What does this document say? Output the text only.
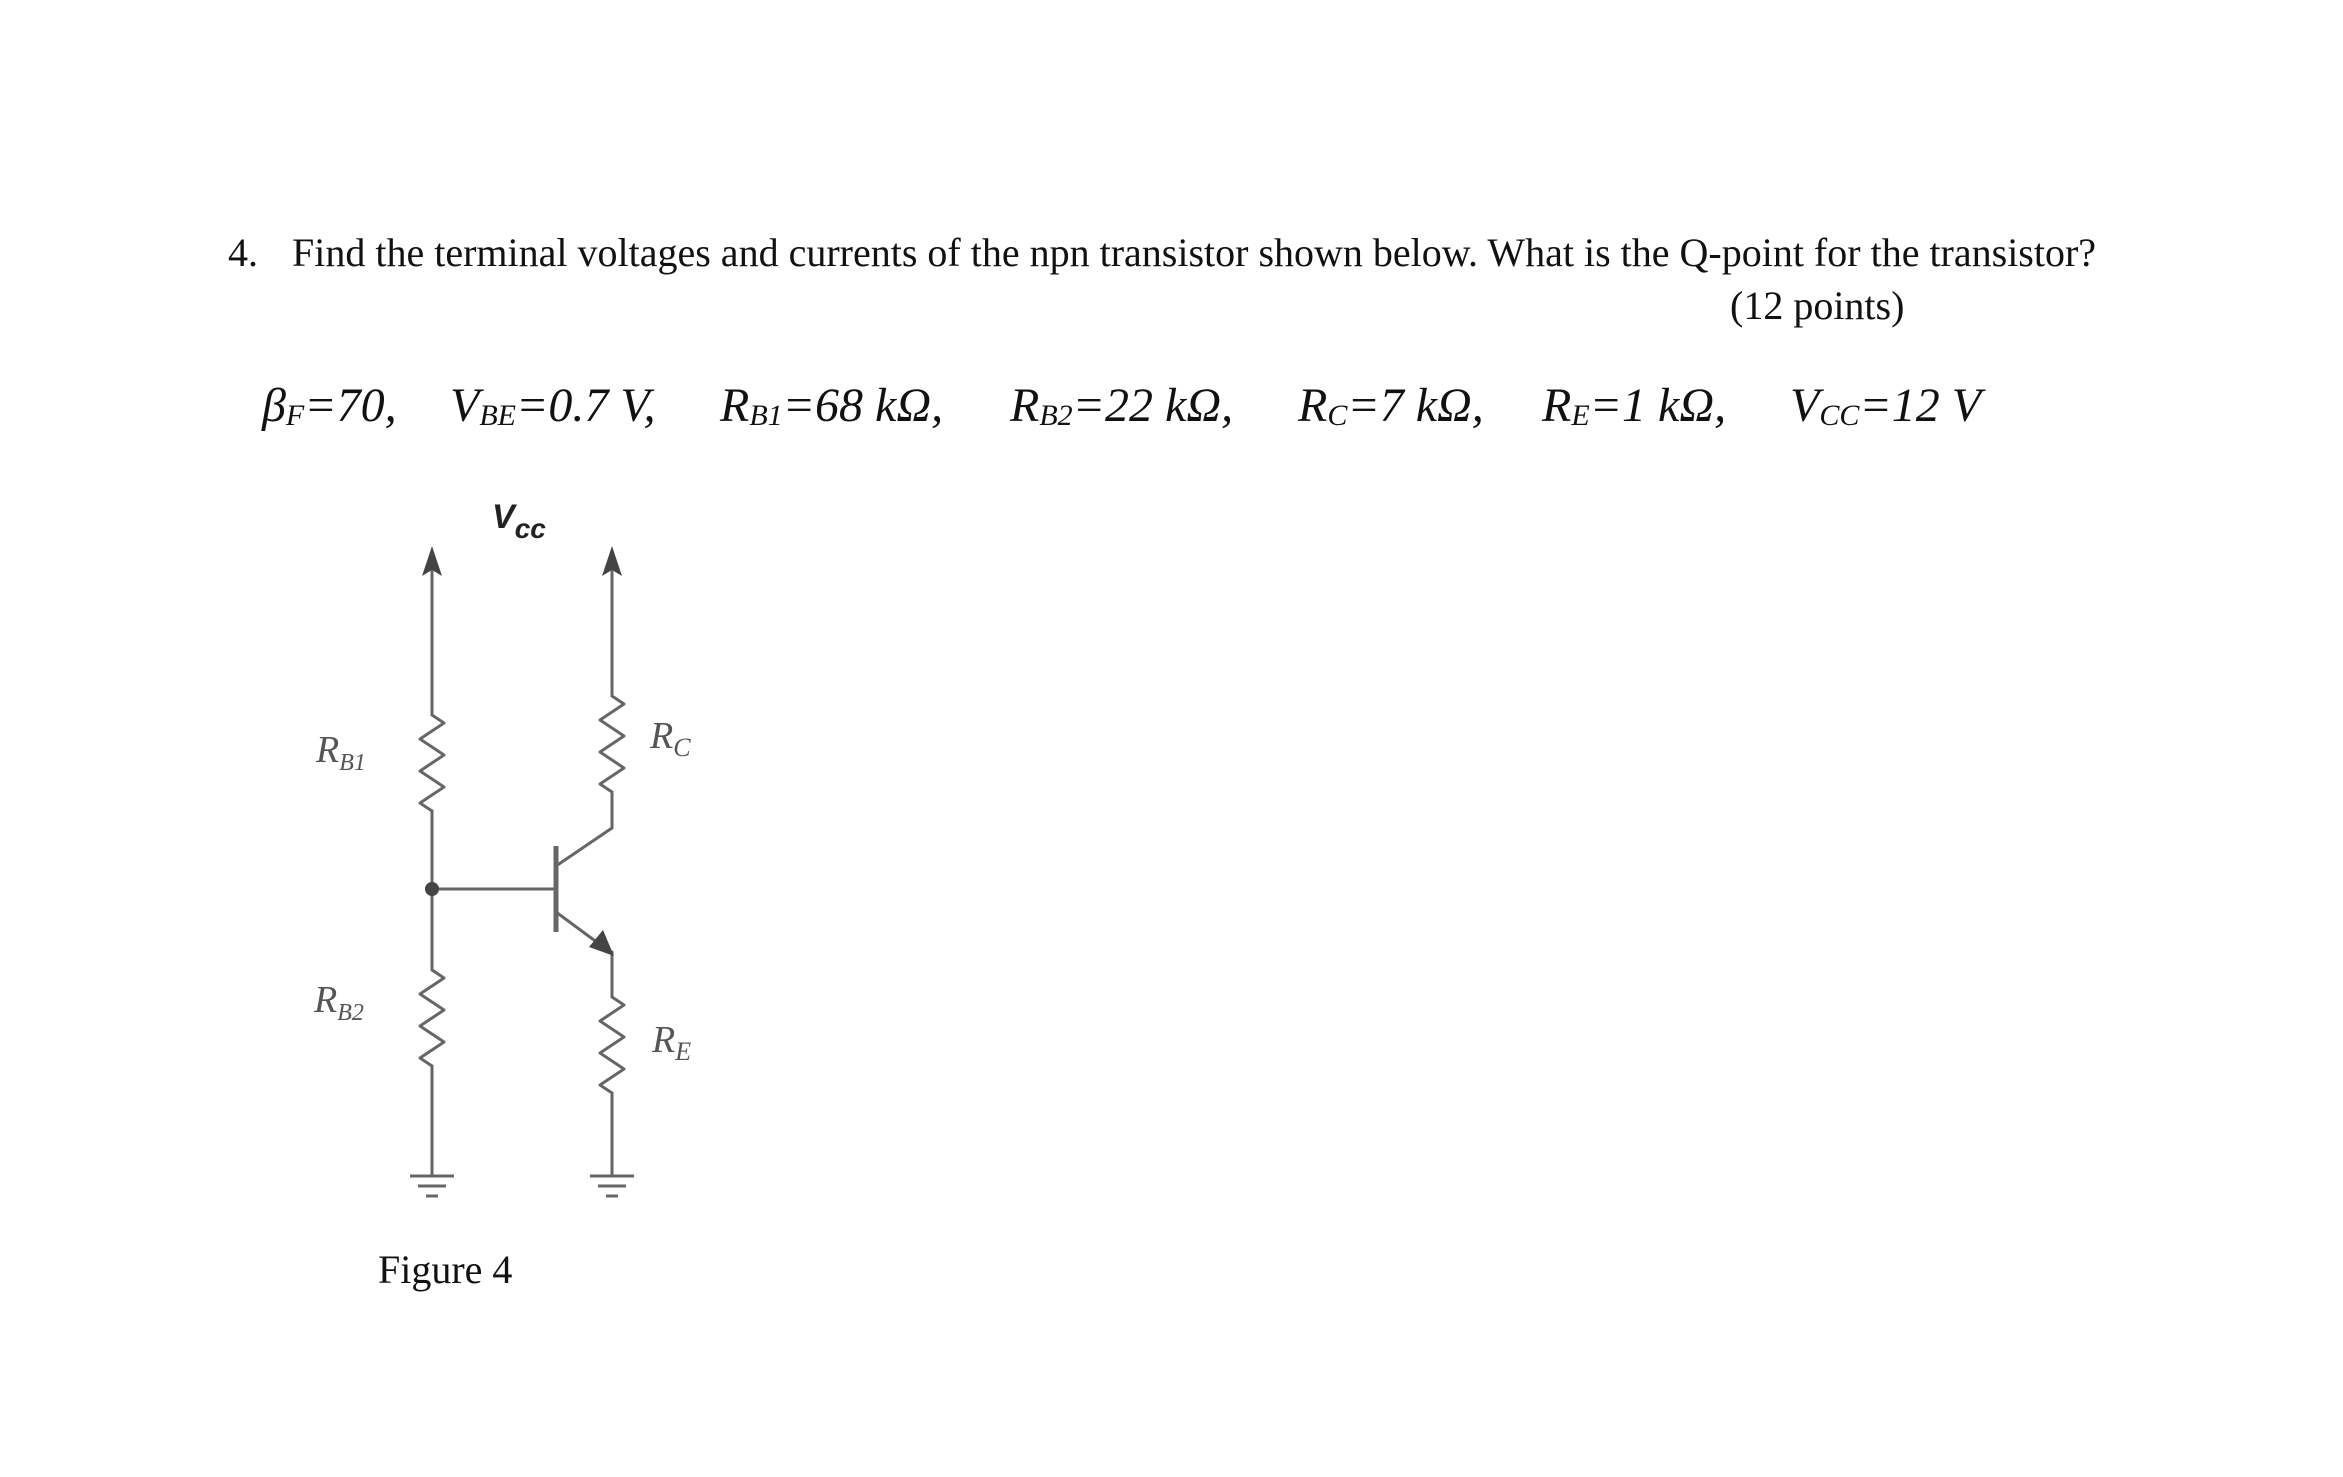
4. Find the terminal voltages and currents of the npn transistor shown below. What is the Q-point for the transistor?
(12 points)
$\beta_F=70$, $V_{BE}=0.7$ V, $R_{B1}=68$ kΩ, $R_{B2}=22$ kΩ, $R_C=7$ kΩ, $R_E=1$ kΩ, $V_{CC}=12$ V
$V_{cc}$
$R_{B1}$
$R_{B2}$
$R_C$
$R_E$
Figure 4
